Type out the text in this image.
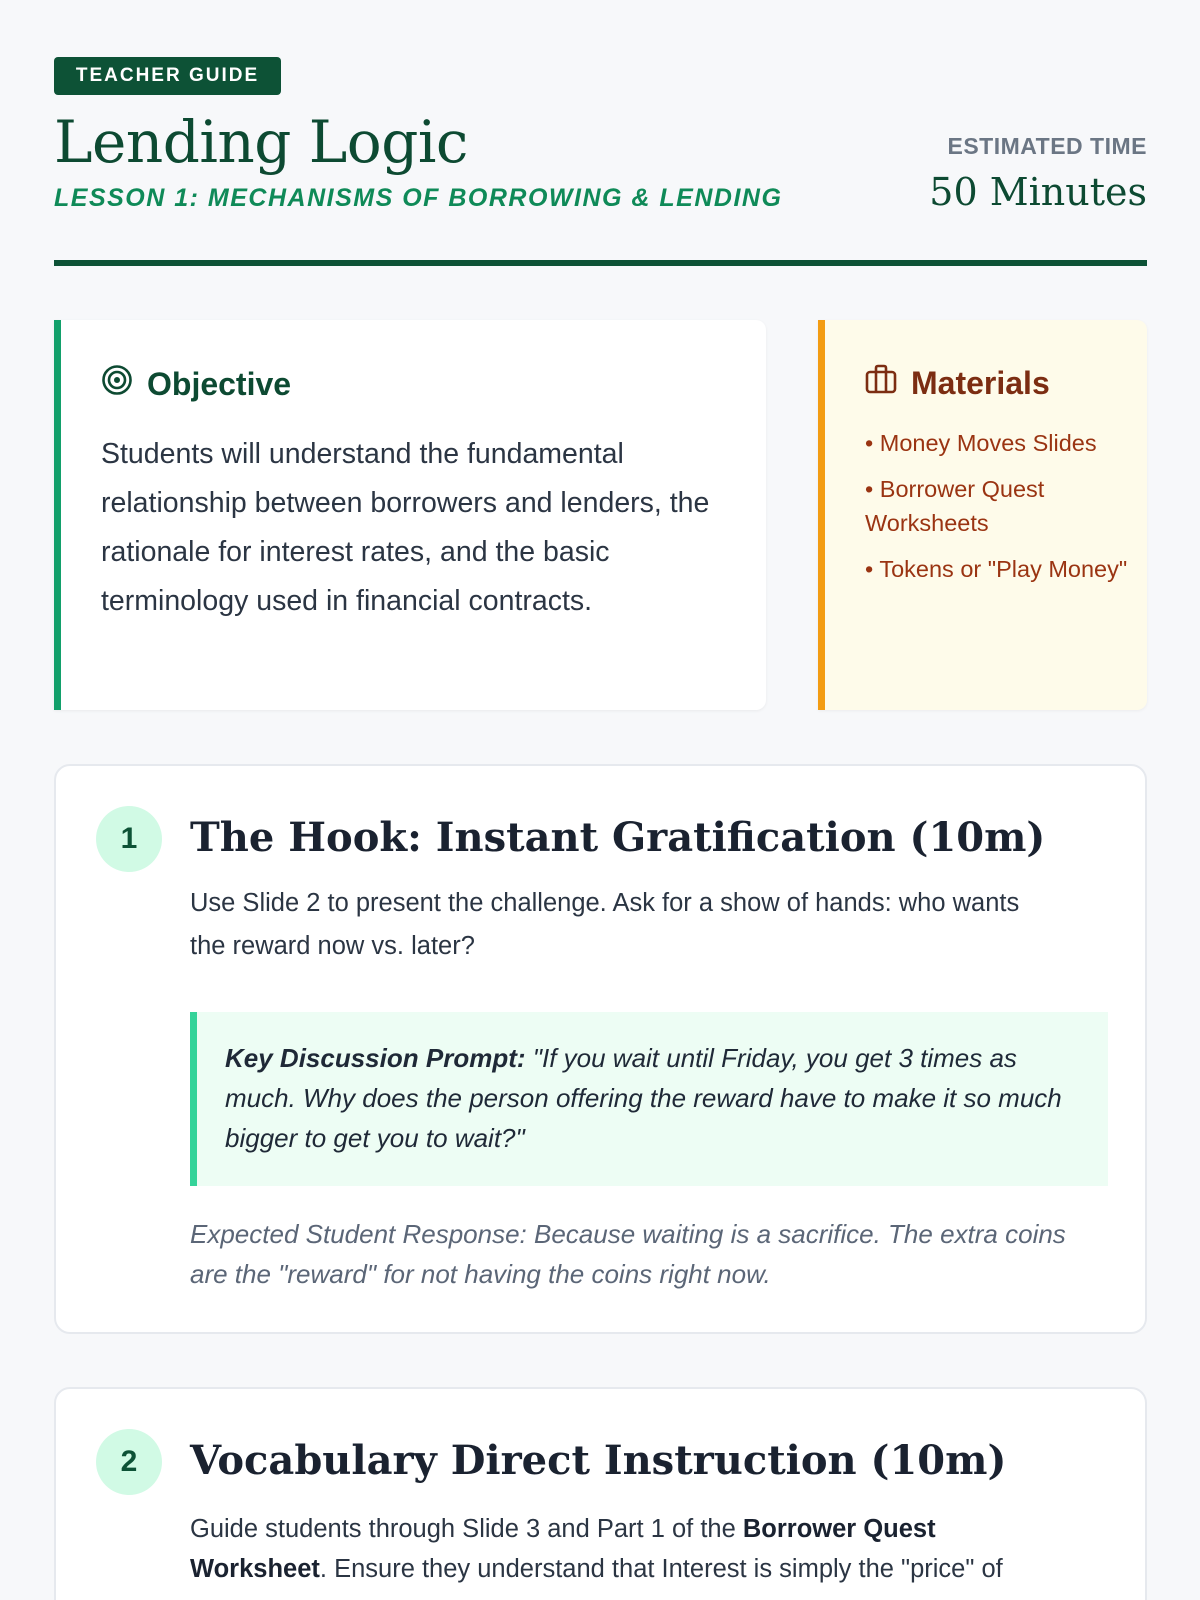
TEACHER GUIDE
Lending Logic
LESSON 1: MECHANISMS OF BORROWING & LENDING
ESTIMATED TIME
50 Minutes
Objective

Students will understand the fundamental relationship between borrowers and lenders, the rationale for interest rates, and the basic terminology used in financial contracts.

Materials
• Money Moves Slides
• Borrower Quest Worksheets
• Tokens or "Play Money"
1	The Hook: Instant Gratification (10m)

Use Slide 2 to present the challenge. Ask for a show of hands: who wants the reward now vs. later?

Key Discussion Prompt: "If you wait until Friday, you get 3 times as much. Why does the person offering the reward have to make it so much bigger to get you to wait?"

Expected Student Response: Because waiting is a sacrifice. The extra coins are the "reward" for not having the coins right now.

2	Vocabulary Direct Instruction (10m)

Guide students through Slide 3 and Part 1 of the Borrower Quest Worksheet. Ensure they understand that Interest is simply the "price" of
